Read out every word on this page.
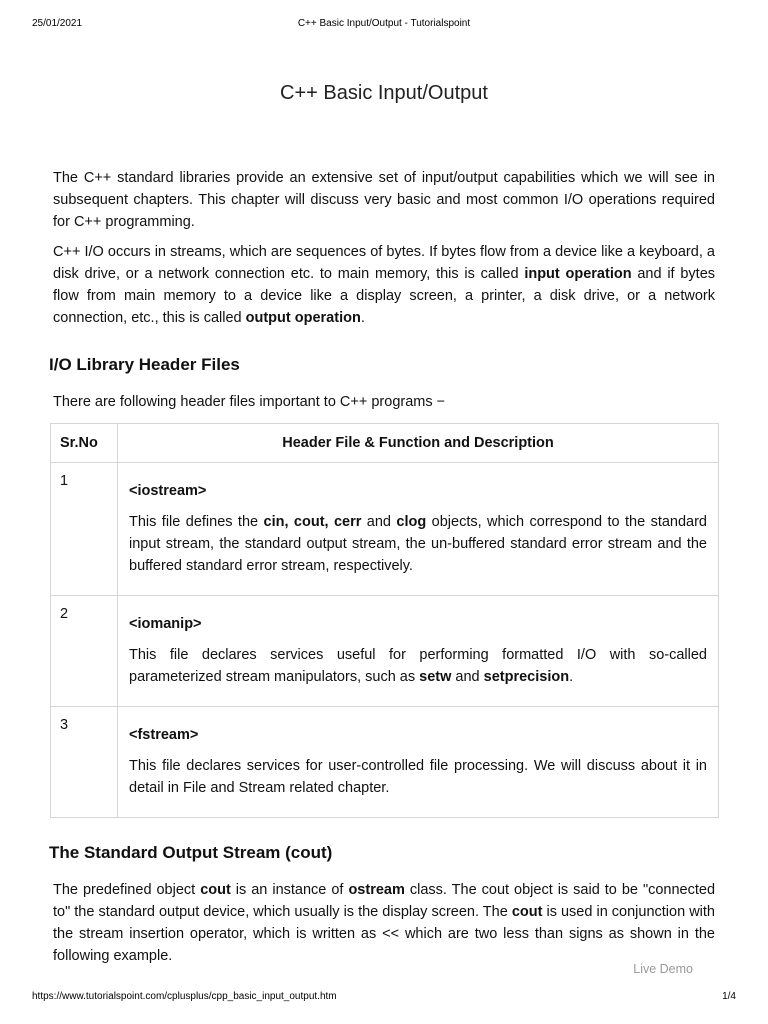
25/01/2021	C++ Basic Input/Output - Tutorialspoint
C++ Basic Input/Output

The C++ standard libraries provide an extensive set of input/output capabilities which we will see in subsequent chapters. This chapter will discuss very basic and most common I/O operations required for C++ programming.

C++ I/O occurs in streams, which are sequences of bytes. If bytes flow from a device like a keyboard, a disk drive, or a network connection etc. to main memory, this is called input operation and if bytes flow from main memory to a device like a display screen, a printer, a disk drive, or a network connection, etc., this is called output operation.

I/O Library Header Files

There are following header files important to C++ programs −

Sr.No	Header File & Function and Description
1	<iostream>

This file defines the cin, cout, cerr and clog objects, which correspond to the standard input stream, the standard output stream, the un-buffered standard error stream and the buffered standard error stream, respectively.

2	<iomanip>

This file declares services useful for performing formatted I/O with so-called parameterized stream manipulators, such as setw and setprecision.

3	<fstream>

This file declares services for user-controlled file processing. We will discuss about it in detail in File and Stream related chapter.

The Standard Output Stream (cout)

The predefined object cout is an instance of ostream class. The cout object is said to be "connected to" the standard output device, which usually is the display screen. The cout is used in conjunction with the stream insertion operator, which is written as << which are two less than signs as shown in the following example.

Live Demo
https://www.tutorialspoint.com/cplusplus/cpp_basic_input_output.htm	1/4
